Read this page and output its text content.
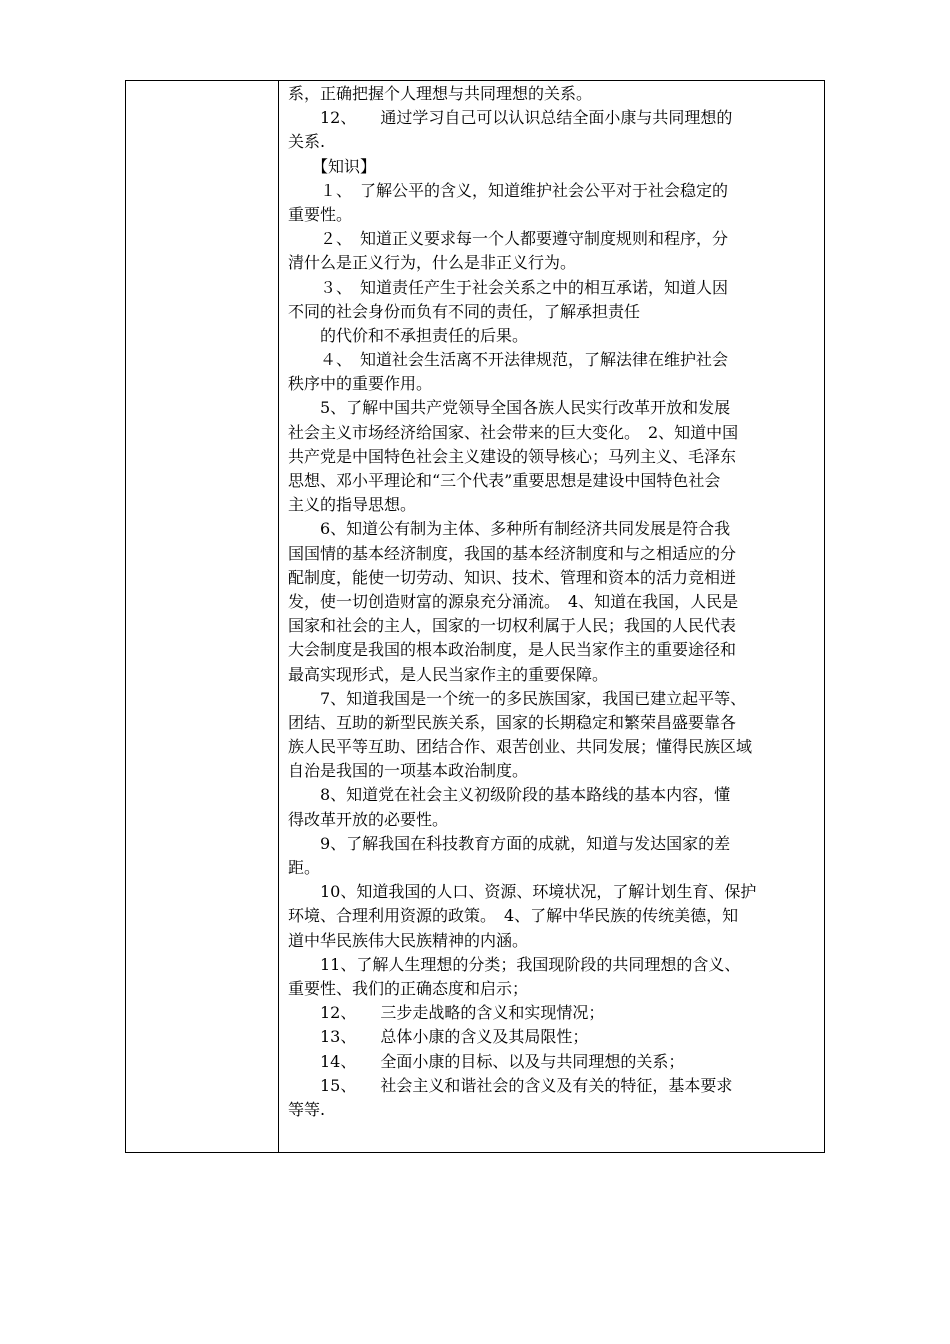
系，正确把握个人理想与共同理想的关系。
　　12、　　通过学习自己可以认识总结全面小康与共同理想的
关系.
　　【知识】
　　１、　了解公平的含义，知道维护社会公平对于社会稳定的
重要性。
　　２、　知道正义要求每一个人都要遵守制度规则和程序，分
清什么是正义行为，什么是非正义行为。
　　３、　知道责任产生于社会关系之中的相互承诺，知道人因
不同的社会身份而负有不同的责任，了解承担责任
　　的代价和不承担责任的后果。
　　４、　知道社会生活离不开法律规范，了解法律在维护社会
秩序中的重要作用。
　　5、了解中国共产党领导全国各族人民实行改革开放和发展
社会主义市场经济给国家、社会带来的巨大变化。　2、知道中国
共产党是中国特色社会主义建设的领导核心；马列主义、毛泽东
思想、邓小平理论和“三个代表”重要思想是建设中国特色社会
主义的指导思想。
　　6、知道公有制为主体、多种所有制经济共同发展是符合我
国国情的基本经济制度，我国的基本经济制度和与之相适应的分
配制度，能使一切劳动、知识、技术、管理和资本的活力竞相迸
发，使一切创造财富的源泉充分涌流。　4、知道在我国，人民是
国家和社会的主人，国家的一切权利属于人民；我国的人民代表
大会制度是我国的根本政治制度，是人民当家作主的重要途径和
最高实现形式，是人民当家作主的重要保障。
　　7、知道我国是一个统一的多民族国家，我国已建立起平等、
团结、互助的新型民族关系，国家的长期稳定和繁荣昌盛要靠各
族人民平等互助、团结合作、艰苦创业、共同发展；懂得民族区域
自治是我国的一项基本政治制度。
　　8、知道党在社会主义初级阶段的基本路线的基本内容，懂
得改革开放的必要性。
　　9、了解我国在科技教育方面的成就，知道与发达国家的差
距。
　　10、知道我国的人口、资源、环境状况，了解计划生育、保护
环境、合理利用资源的政策。　4、了解中华民族的传统美德，知
道中华民族伟大民族精神的内涵。
　　11、了解人生理想的分类；我国现阶段的共同理想的含义、
重要性、我们的正确态度和启示；
　　12、　　三步走战略的含义和实现情况；
　　13、　　总体小康的含义及其局限性；
　　14、　　全面小康的目标、以及与共同理想的关系；
　　15、　　社会主义和谐社会的含义及有关的特征，基本要求
等等.
